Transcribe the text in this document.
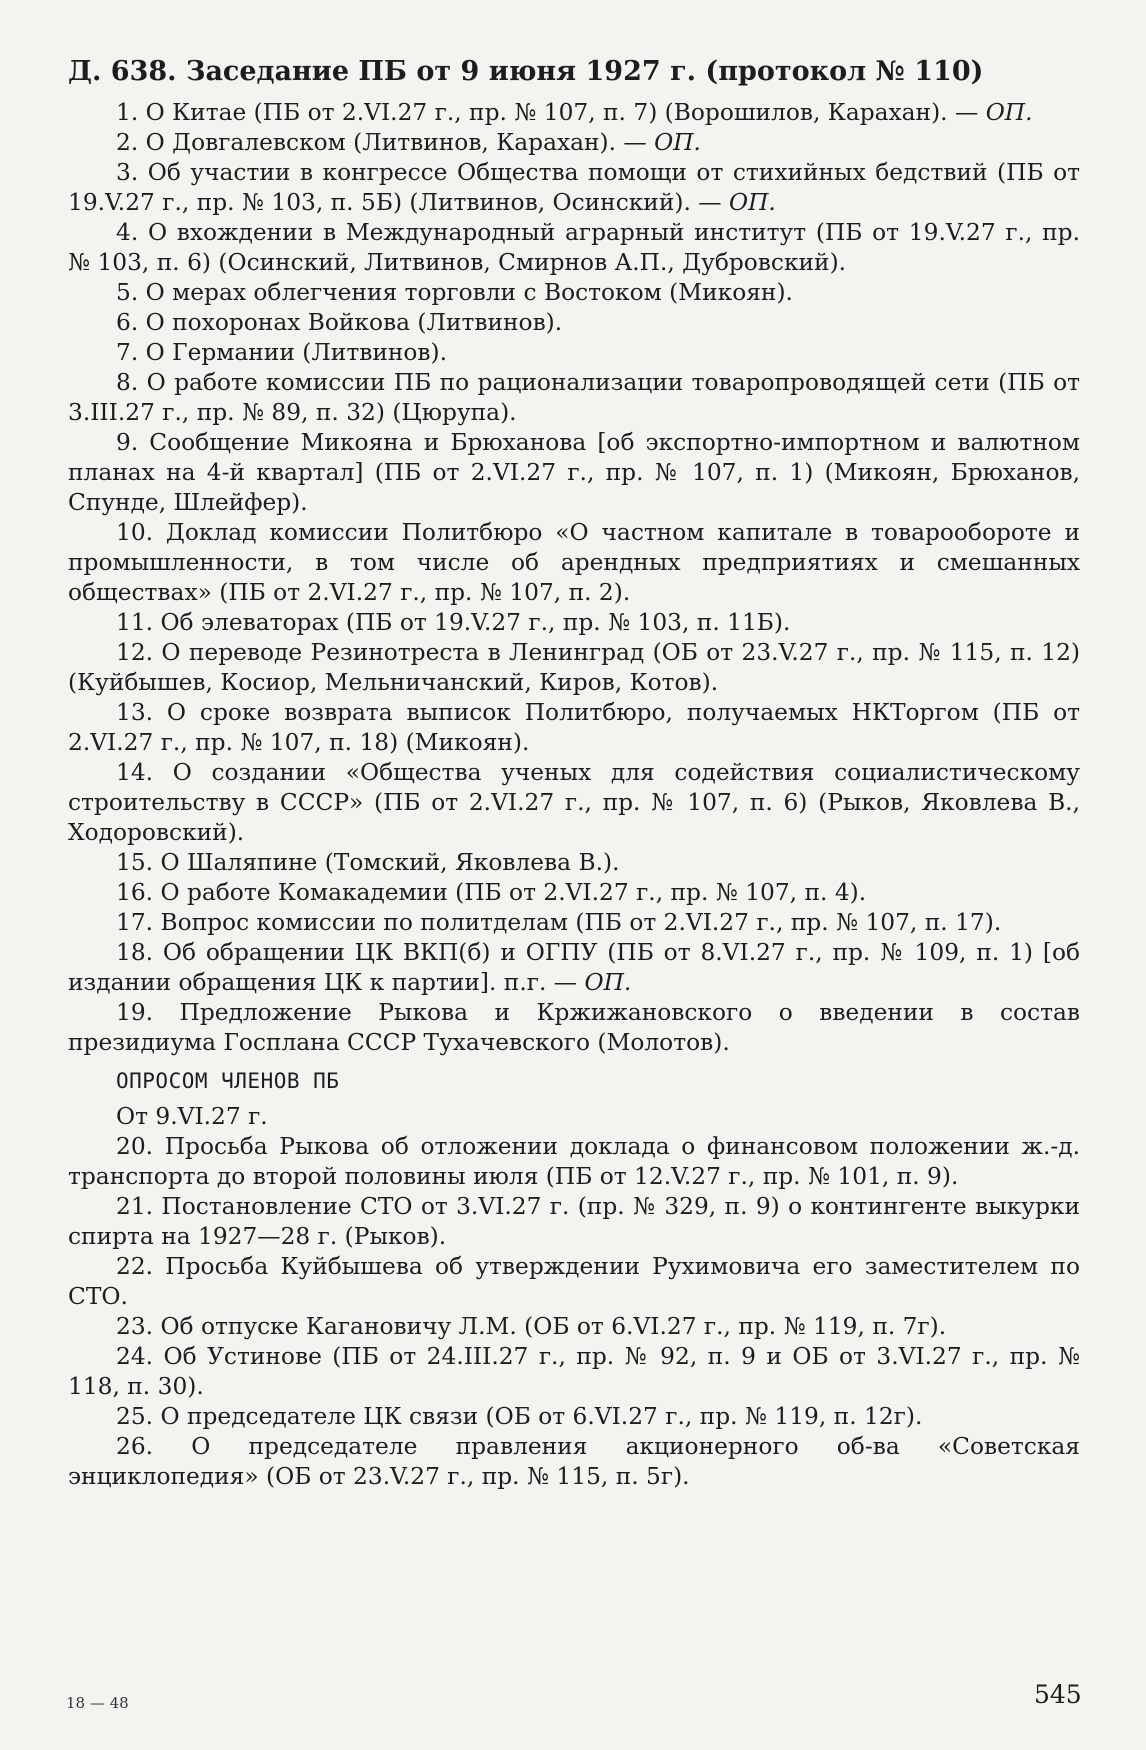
Д. 638. Заседание ПБ от 9 июня 1927 г. (протокол № 110)

1. О Китае (ПБ от 2.VI.27 г., пр. № 107, п. 7) (Ворошилов, Карахан). — ОП.

2. О Довгалевском (Литвинов, Карахан). — ОП.

3. Об участии в конгрессе Общества помощи от стихийных бедствий (ПБ от 19.V.27 г., пр. № 103, п. 5Б) (Литвинов, Осинский). — ОП.

4. О вхождении в Международный аграрный институт (ПБ от 19.V.27 г., пр. № 103, п. 6) (Осинский, Литвинов, Смирнов А.П., Дубровский).

5. О мерах облегчения торговли с Востоком (Микоян).

6. О похоронах Войкова (Литвинов).

7. О Германии (Литвинов).

8. О работе комиссии ПБ по рационализации товаропроводящей сети (ПБ от 3.III.27 г., пр. № 89, п. 32) (Цюрупа).

9. Сообщение Микояна и Брюханова [об экспортно-импортном и валютном планах на 4-й квартал] (ПБ от 2.VI.27 г., пр. № 107, п. 1) (Микоян, Брюханов, Спунде, Шлейфер).

10. Доклад комиссии Политбюро «О частном капитале в товарообороте и промышленности, в том числе об арендных предприятиях и смешанных обществах» (ПБ от 2.VI.27 г., пр. № 107, п. 2).

11. Об элеваторах (ПБ от 19.V.27 г., пр. № 103, п. 11Б).

12. О переводе Резинотреста в Ленинград (ОБ от 23.V.27 г., пр. № 115, п. 12) (Куйбышев, Косиор, Мельничанский, Киров, Котов).

13. О сроке возврата выписок Политбюро, получаемых НКТоргом (ПБ от 2.VI.27 г., пр. № 107, п. 18) (Микоян).

14. О создании «Общества ученых для содействия социалистическому строительству в СССР» (ПБ от 2.VI.27 г., пр. № 107, п. 6) (Рыков, Яковлева В., Ходоровский).

15. О Шаляпине (Томский, Яковлева В.).

16. О работе Комакадемии (ПБ от 2.VI.27 г., пр. № 107, п. 4).

17. Вопрос комиссии по политделам (ПБ от 2.VI.27 г., пр. № 107, п. 17).

18. Об обращении ЦК ВКП(б) и ОГПУ (ПБ от 8.VI.27 г., пр. № 109, п. 1) [об издании обращения ЦК к партии]. п.г. — ОП.

19. Предложение Рыкова и Кржижановского о введении в состав президиума Госплана СССР Тухачевского (Молотов).

ОПРОСОМ ЧЛЕНОВ ПБ

От 9.VI.27 г.

20. Просьба Рыкова об отложении доклада о финансовом положении ж.-д. транспорта до второй половины июля (ПБ от 12.V.27 г., пр. № 101, п. 9).

21. Постановление СТО от 3.VI.27 г. (пр. № 329, п. 9) о контингенте выкурки спирта на 1927—28 г. (Рыков).

22. Просьба Куйбышева об утверждении Рухимовича его заместителем по СТО.

23. Об отпуске Кагановичу Л.М. (ОБ от 6.VI.27 г., пр. № 119, п. 7г).

24. Об Устинове (ПБ от 24.III.27 г., пр. № 92, п. 9 и ОБ от 3.VI.27 г., пр. № 118, п. 30).

25. О председателе ЦК связи (ОБ от 6.VI.27 г., пр. № 119, п. 12г).

26. О председателе правления акционерного об-ва «Советская энциклопедия» (ОБ от 23.V.27 г., пр. № 115, п. 5г).

18 — 48	545
